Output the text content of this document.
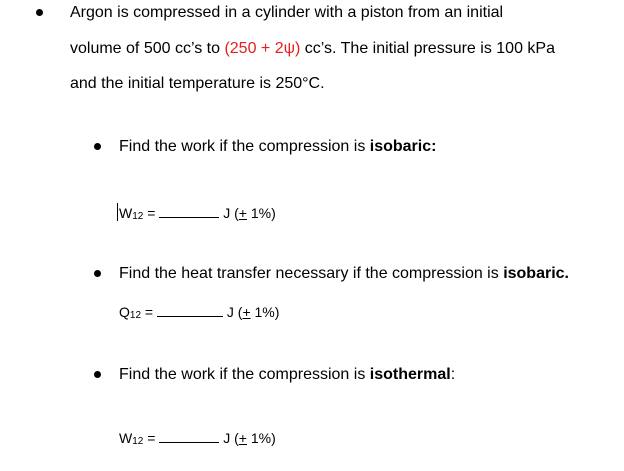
Argon is compressed in a cylinder with a piston from an initial
volume of 500 cc’s to (250 + 2ψ) cc’s. The initial pressure is 100 kPa
and the initial temperature is 250°C.
Find the work if the compression is isobaric:
W12 =	J (+ 1%)
Find the heat transfer necessary if the compression is isobaric.
Q12 =	J (+ 1%)
Find the work if the compression is isothermal:
W12 =	J (+ 1%)
